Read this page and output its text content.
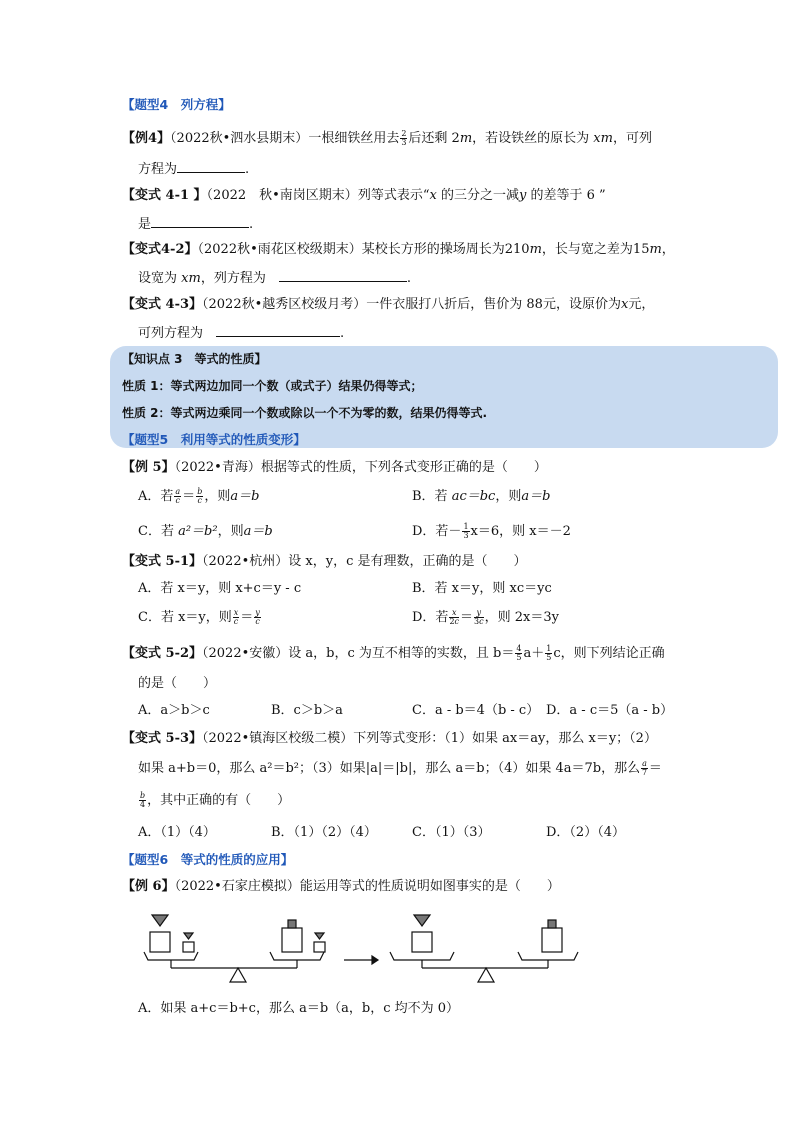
【题型4　列方程】
【例4】（2022秋•泗水县期末）一根细铁丝用去 $\frac{2}{3}$ 后还剩 2m，若设铁丝的原长为 xm，可列
方程为	.
【变式 4-1 】（2022　秋•南岗区期末）列等式表示“x 的三分之一减y 的差等于 6 ”
是	.
【变式4-2】（2022秋•雨花区校级期末）某校长方形的操场周长为210m，长与宽之差为15m，
设宽为 xm，列方程为　	.
【变式 4-3】（2022秋•越秀区校级月考）一件衣服打八折后，售价为 88元，设原价为x元，
可列方程为　	.
【知识点 3　等式的性质】
性质 1：等式两边加同一个数（或式子）结果仍得等式；
性质 2：等式两边乘同一个数或除以一个不为零的数，结果仍得等式.
【题型5　利用等式的性质变形】
【例 5】（2022•青海）根据等式的性质，下列各式变形正确的是（　　）
A．若 $\frac{a}{c} = \frac{b}{c}$ ，则a＝b	B．若 ac＝bc，则a＝b
C．若 a²＝b²，则a＝b	D．若－ $\frac{1}{3} x=6$，则 x＝－2
【变式 5-1】（2022•杭州）设 x，y，c 是有理数，正确的是（　　）
A．若 x＝y，则 x+c＝y - c	B．若 x＝y，则 xc＝yc
C．若 x＝y，则 $\frac{x}{c} = \frac{y}{c}$	D．若 $\frac{x}{2c} = \frac{y}{3c}$ ，则 2x＝3y
【变式 5-2】（2022•安徽）设 a，b，c 为互不相等的实数，且 $b= \frac{4}{5} a+ \frac{1}{5}$ c，则下列结论正确
的是（　　）
A．a＞b＞c	B．c＞b＞a	C．a - b＝4（b - c） D．a - c＝5（a - b）
【变式 5-3】（2022•镇海区校级二模）下列等式变形：（1）如果 ax＝ay，那么 x＝y；（2）
如果 a+b＝0，那么 a²＝b²；（3）如果|a|＝|b|，那么 a＝b；（4）如果 4a＝7b，那么 $\frac{a}{7}$ ＝
$\frac{b}{4}$ ，其中正确的有（　　）
A．（1）（4）	B．（1）（2）（4）	C．（1）（3）	D．（2）（4）
【题型6　等式的性质的应用】
【例 6】（2022•石家庄模拟）能运用等式的性质说明如图事实的是（　　）
A．如果 a+c＝b+c，那么 a＝b（a，b，c 均不为 0）
